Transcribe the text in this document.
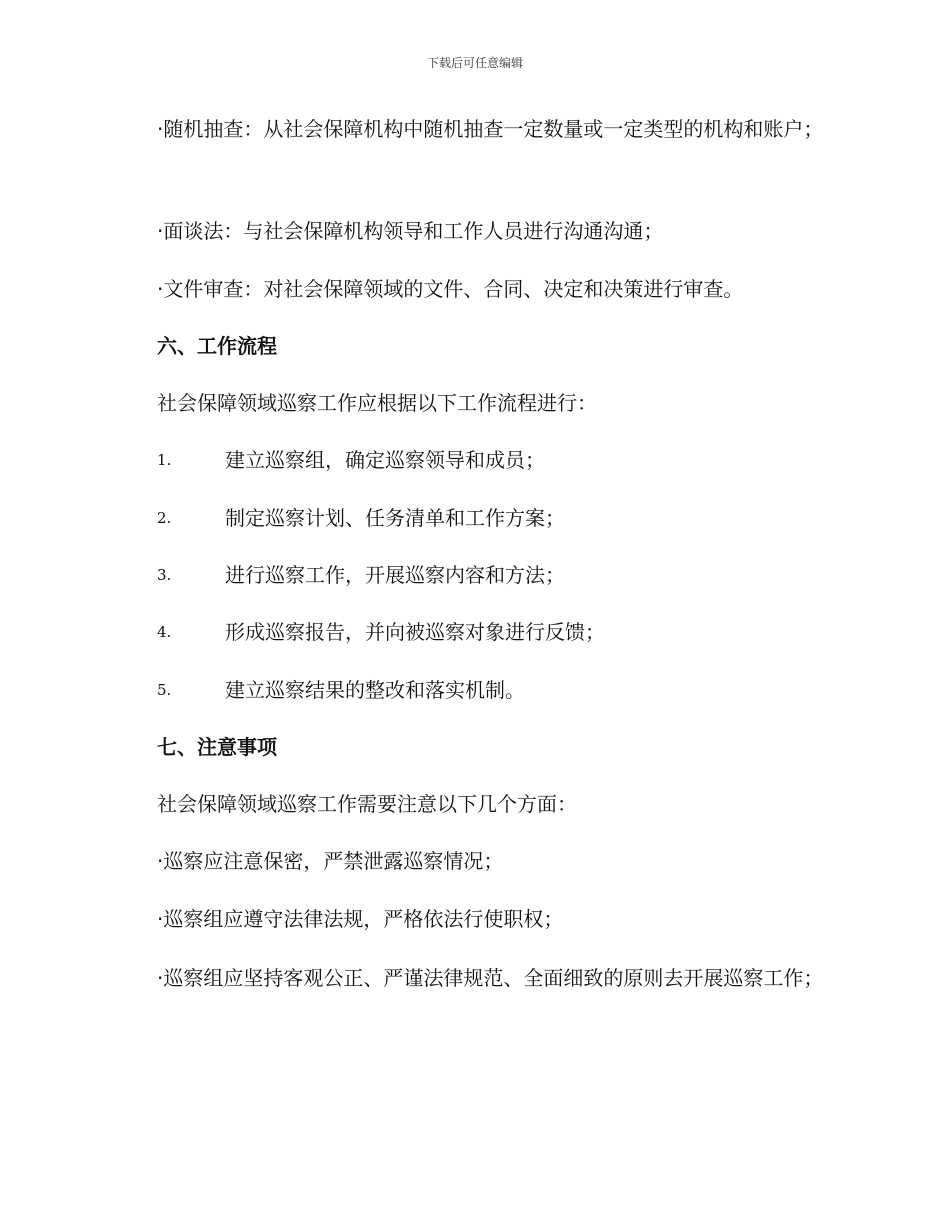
下载后可任意编辑
·随机抽查：从社会保障机构中随机抽查一定数量或一定类型的机构和账户；
·面谈法：与社会保障机构领导和工作人员进行沟通沟通；
·文件审查：对社会保障领域的文件、合同、决定和决策进行审查。
六、工作流程
社会保障领域巡察工作应根据以下工作流程进行：
1.	建立巡察组，确定巡察领导和成员；
2.	制定巡察计划、任务清单和工作方案；
3.	进行巡察工作，开展巡察内容和方法；
4.	形成巡察报告，并向被巡察对象进行反馈；
5.	建立巡察结果的整改和落实机制。
七、注意事项
社会保障领域巡察工作需要注意以下几个方面：
·巡察应注意保密，严禁泄露巡察情况；
·巡察组应遵守法律法规，严格依法行使职权；
·巡察组应坚持客观公正、严谨法律规范、全面细致的原则去开展巡察工作；
